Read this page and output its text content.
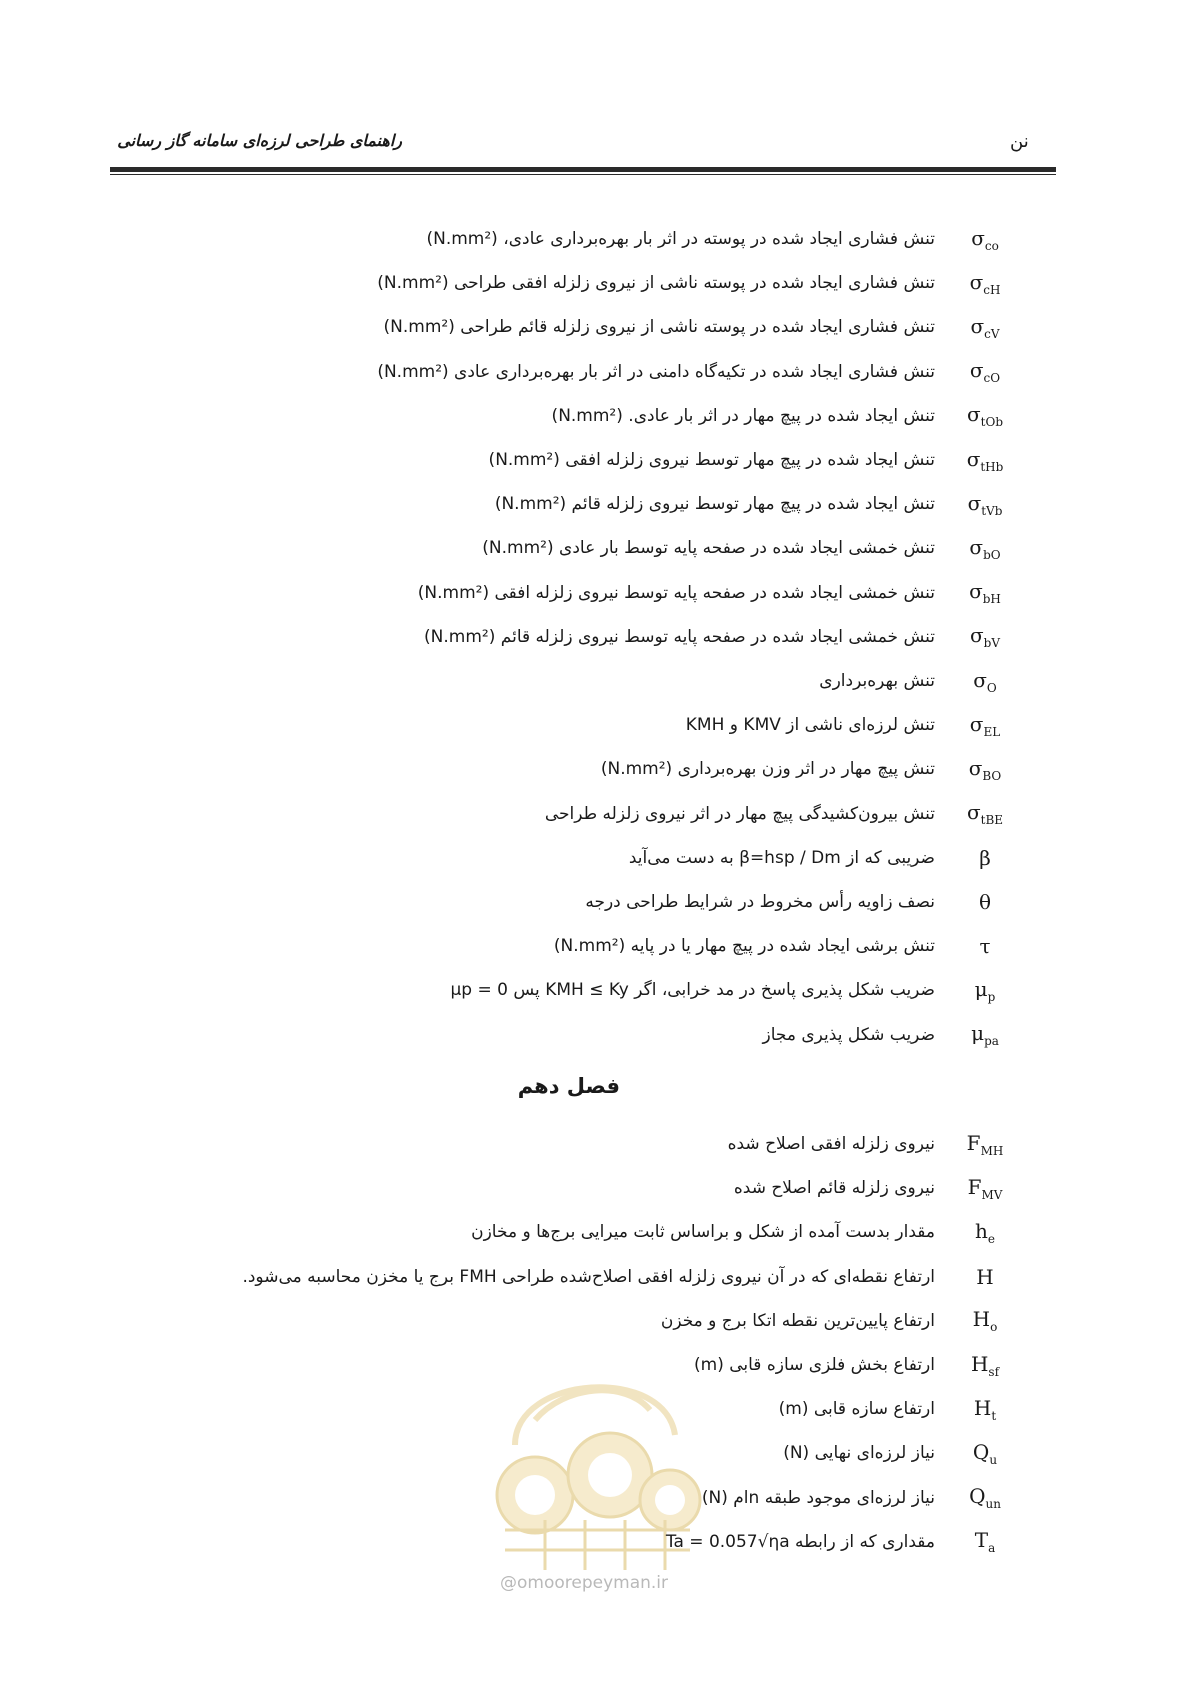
راهنمای طراحی لرزه‌ای سامانه گاز رسانی	نن
فصل دهم
@omoorepeyman.ir
$\sigma_{co}$
تنش فشاری ایجاد شده در پوسته در اثر بار بهره‌برداری عادی، (N.mm²)
$\sigma_{cH}$
تنش فشاری ایجاد شده در پوسته ناشی از نیروی زلزله افقی طراحی (N.mm²)
$\sigma_{cV}$
تنش فشاری ایجاد شده در پوسته ناشی از نیروی زلزله قائم طراحی (N.mm²)
$\sigma_{cO}$
تنش فشاری ایجاد شده در تکیه‌گاه دامنی در اثر بار بهره‌برداری عادی (N.mm²)
$\sigma_{tOb}$
تنش ایجاد شده در پیچ مهار در اثر بار عادی. (N.mm²)
$\sigma_{tHb}$
تنش ایجاد شده در پیچ مهار توسط نیروی زلزله افقی (N.mm²)
$\sigma_{tVb}$
تنش ایجاد شده در پیچ مهار توسط نیروی زلزله قائم (N.mm²)
$\sigma_{bO}$
تنش خمشی ایجاد شده در صفحه پایه توسط بار عادی (N.mm²)
$\sigma_{bH}$
تنش خمشی ایجاد شده در صفحه پایه توسط نیروی زلزله افقی (N.mm²)
$\sigma_{bV}$
تنش خمشی ایجاد شده در صفحه پایه توسط نیروی زلزله قائم (N.mm²)
$\sigma_O$
تنش بهره‌برداری
$\sigma_{EL}$
تنش لرزه‌ای ناشی از KMV و KMH
$\sigma_{BO}$
تنش پیچ مهار در اثر وزن بهره‌برداری (N.mm²)
$\sigma_{tBE}$
تنش بیرون‌کشیدگی پیچ مهار در اثر نیروی زلزله طراحی
β
ضریبی که از β=hsp / Dm به دست می‌آید
θ
نصف زاویه رأس مخروط در شرایط طراحی درجه
τ
تنش برشی ایجاد شده در پیچ مهار یا در پایه (N.mm²)
$\mu_p$
ضریب شکل پذیری پاسخ در مد خرابی، اگر KMH ≤ Ky پس μp = 0
$\mu_{pa}$
ضریب شکل پذیری مجاز
$F_{MH}$
نیروی زلزله افقی اصلاح شده
$F_{MV}$
نیروی زلزله قائم اصلاح شده
$h_e$
مقدار بدست آمده از شکل و براساس ثابت میرایی برج‌ها و مخازن
H
ارتفاع نقطه‌ای که در آن نیروی زلزله افقی اصلاح‌شده طراحی FMH برج یا مخزن محاسبه می‌شود.
$H_o$
ارتفاع پایین‌ترین نقطه اتکا برج و مخزن
$H_{sf}$
ارتفاع بخش فلزی سازه قابی (m)
$H_t$
ارتفاع سازه قابی (m)
$Q_u$
نیاز لرزه‌ای نهایی (N)
$Q_{un}$
نیاز لرزه‌ای موجود طبقه nام (N)
$T_a$
مقداری که از رابطه Ta = 0.057√ηa
